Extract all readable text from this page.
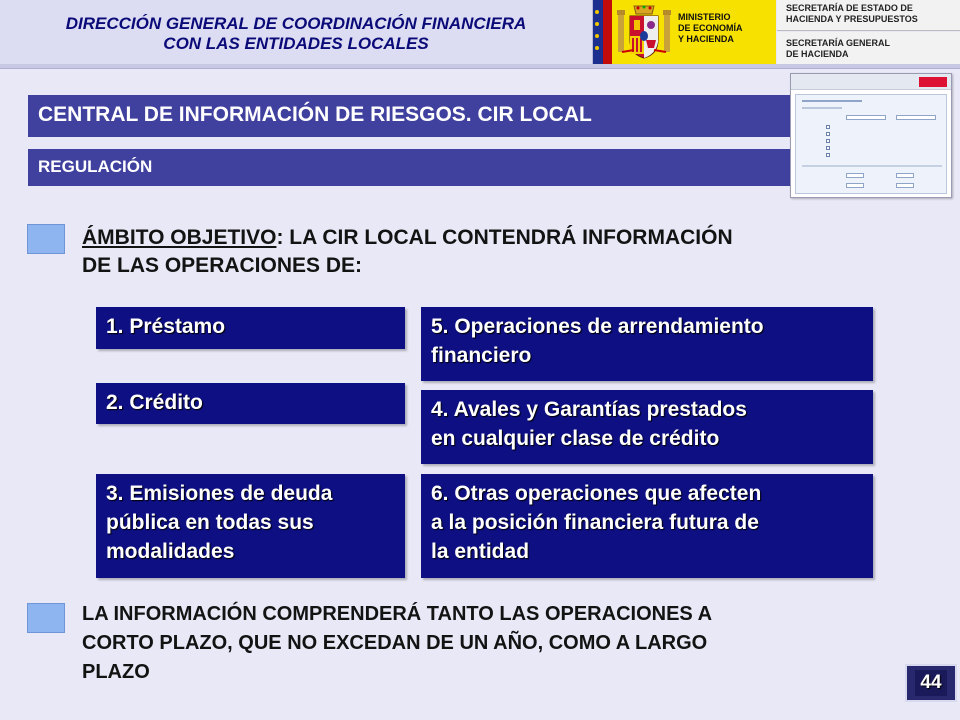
DIRECCIÓN GENERAL DE COORDINACIÓN FINANCIERA
CON LAS ENTIDADES LOCALES
MINISTERIO
DE ECONOMÍA
Y HACIENDA
SECRETARÍA DE ESTADO DE
HACIENDA Y PRESUPUESTOS
SECRETARÍA GENERAL
DE HACIENDA
CENTRAL DE INFORMACIÓN DE RIESGOS. CIR LOCAL
REGULACIÓN
ÁMBITO OBJETIVO: LA CIR LOCAL CONTENDRÁ INFORMACIÓN
DE LAS OPERACIONES DE:
1. Préstamo
2. Crédito
3. Emisiones de deuda
pública en todas sus
modalidades
5. Operaciones de arrendamiento
financiero
4. Avales y Garantías prestados
en cualquier clase de crédito
6. Otras operaciones que afecten
a la posición financiera futura de
la entidad
LA INFORMACIÓN COMPRENDERÁ TANTO LAS OPERACIONES A
CORTO PLAZO, QUE NO EXCEDAN DE UN AÑO, COMO A LARGO
PLAZO	44
